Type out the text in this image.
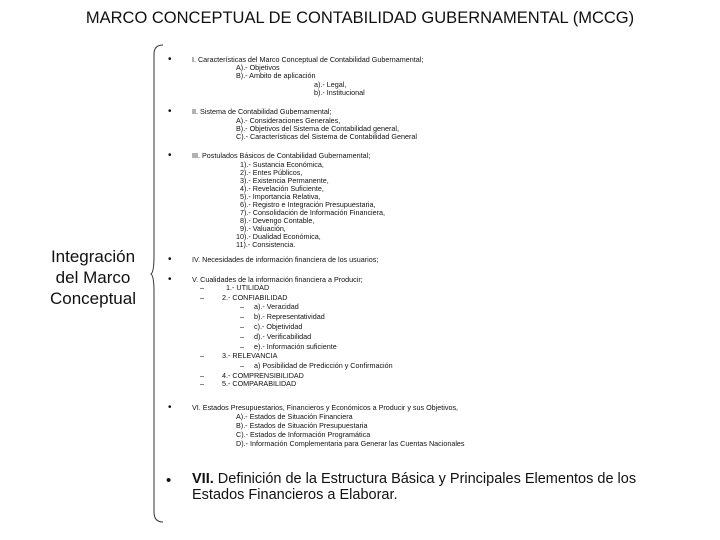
MARCO CONCEPTUAL DE CONTABILIDAD GUBERNAMENTAL (MCCG)
Integración
del Marco
Conceptual
•	I. Características del Marco Conceptual de Contabilidad Gubernamental;
A).- Objetivos
B).- Ambito de aplicación
a).- Legal,
b).- Institucional
•	II. Sistema de Contabilidad Gubernamental;
A).- Consideraciones Generales,
B).- Objetivos del Sistema de Contabilidad general,
C).- Características del Sistema de Contabilidad General
•	III. Postulados Básicos de Contabilidad Gubernamental;
1).- Sustancia Económica,
2).- Entes Públicos,
3).- Existencia Permanente,
4).- Revelación Suficiente,
5).- Importancia Relativa,
6).- Registro e Integración Presupuestaria,
7).- Consolidación de Información Financiera,
8).- Devengo Contable,
9).- Valuación,
10).- Dualidad Económica,
11).- Consistencia.
•	IV. Necesidades de información financiera de los usuarios;
•	V. Cualidades de la información financiera a Producir;
–	1.- UTILIDAD
–	2.- CONFIABILIDAD
– a).- Veracidad
– b).- Representatividad
– c).- Objetividad
– d).- Verificabilidad
– e).- Información suficiente
–	3.- RELEVANCIA
– a) Posibilidad de Predicción y Confirmación
–	4.- COMPRENSIBILIDAD
–	5.- COMPARABILIDAD
•	VI. Estados Presupuestarios, Financieros y Económicos a Producir y sus Objetivos,
A).- Estados de Situación Financiera
B).- Estados de Situación Presupuestaria
C).- Estados de Información Programática
D).- Información Complementaria para Generar las Cuentas Nacionales
• VII. Definición de la Estructura Básica y Principales Elementos de los Estados Financieros a Elaborar.
